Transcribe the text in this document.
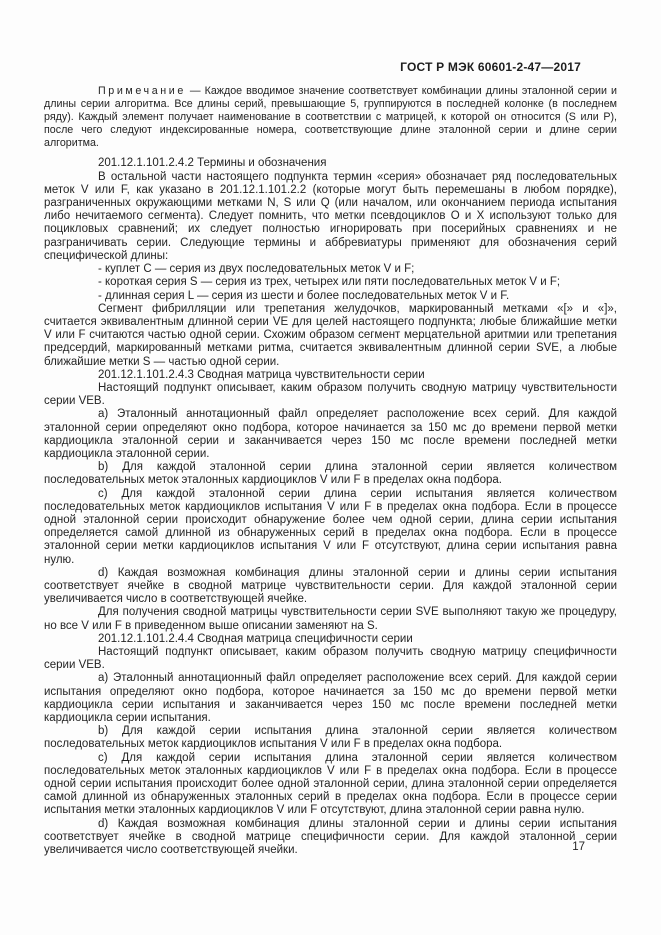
ГОСТ Р МЭК 60601-2-47—2017

Примечание — Каждое вводимое значение соответствует комбинации длины эталонной серии и длины серии алгоритма. Все длины серий, превышающие 5, группируются в последней колонке (в последнем ряду). Каждый элемент получает наименование в соответствии с матрицей, к которой он относится (S или P), после чего следуют индексированные номера, соответствующие длине эталонной серии и длине серии алгоритма.

201.12.1.101.2.4.2 Термины и обозначения

В остальной части настоящего подпункта термин «серия» обозначает ряд последовательных меток V или F, как указано в 201.12.1.101.2.2 (которые могут быть перемешаны в любом порядке), разграниченных окружающими метками N, S или Q (или началом, или окончанием периода испытания либо нечитаемого сегмента). Следует помнить, что метки псевдоциклов O и X используют только для поцикловых сравнений; их следует полностью игнорировать при посерийных сравнениях и не разграничивать серии. Следующие термины и аббревиатуры применяют для обозначения серий специфической длины:

- куплет C — серия из двух последовательных меток V и F;

- короткая серия S — серия из трех, четырех или пяти последовательных меток V и F;

- длинная серия L — серия из шести и более последовательных меток V и F.

Сегмент фибрилляции или трепетания желудочков, маркированный метками «[» и «]», считается эквивалентным длинной серии VE для целей настоящего подпункта; любые ближайшие метки V или F считаются частью одной серии. Схожим образом сегмент мерцательной аритмии или трепетания предсердий, маркированный метками ритма, считается эквивалентным длинной серии SVE, а любые ближайшие метки S — частью одной серии.

201.12.1.101.2.4.3 Сводная матрица чувствительности серии

Настоящий подпункт описывает, каким образом получить сводную матрицу чувствительности серии VEB.

a) Эталонный аннотационный файл определяет расположение всех серий. Для каждой эталонной серии определяют окно подбора, которое начинается за 150 мс до времени первой метки кардиоцикла эталонной серии и заканчивается через 150 мс после времени последней метки кардиоцикла эталонной серии.

b) Для каждой эталонной серии длина эталонной серии является количеством последовательных меток эталонных кардиоциклов V или F в пределах окна подбора.

c) Для каждой эталонной серии длина серии испытания является количеством последовательных меток кардиоциклов испытания V или F в пределах окна подбора. Если в процессе одной эталонной серии происходит обнаружение более чем одной серии, длина серии испытания определяется самой длинной из обнаруженных серий в пределах окна подбора. Если в процессе эталонной серии метки кардиоциклов испытания V или F отсутствуют, длина серии испытания равна нулю.

d) Каждая возможная комбинация длины эталонной серии и длины серии испытания соответствует ячейке в сводной матрице чувствительности серии. Для каждой эталонной серии увеличивается число в соответствующей ячейке.

Для получения сводной матрицы чувствительности серии SVE выполняют такую же процедуру, но все V или F в приведенном выше описании заменяют на S.

201.12.1.101.2.4.4 Сводная матрица специфичности серии

Настоящий подпункт описывает, каким образом получить сводную матрицу специфичности серии VEB.

a) Эталонный аннотационный файл определяет расположение всех серий. Для каждой серии испытания определяют окно подбора, которое начинается за 150 мс до времени первой метки кардиоцикла серии испытания и заканчивается через 150 мс после времени последней метки кардиоцикла серии испытания.

b) Для каждой серии испытания длина эталонной серии является количеством последовательных меток кардиоциклов испытания V или F в пределах окна подбора.

c) Для каждой серии испытания длина эталонной серии является количеством последовательных меток эталонных кардиоциклов V или F в пределах окна подбора. Если в процессе одной серии испытания происходит более одной эталонной серии, длина эталонной серии определяется самой длинной из обнаруженных эталонных серий в пределах окна подбора. Если в процессе серии испытания метки эталонных кардиоциклов V или F отсутствуют, длина эталонной серии равна нулю.

d) Каждая возможная комбинация длины эталонной серии и длины серии испытания соответствует ячейке в сводной матрице специфичности серии. Для каждой эталонной серии увеличивается число соответствующей ячейки.	17
